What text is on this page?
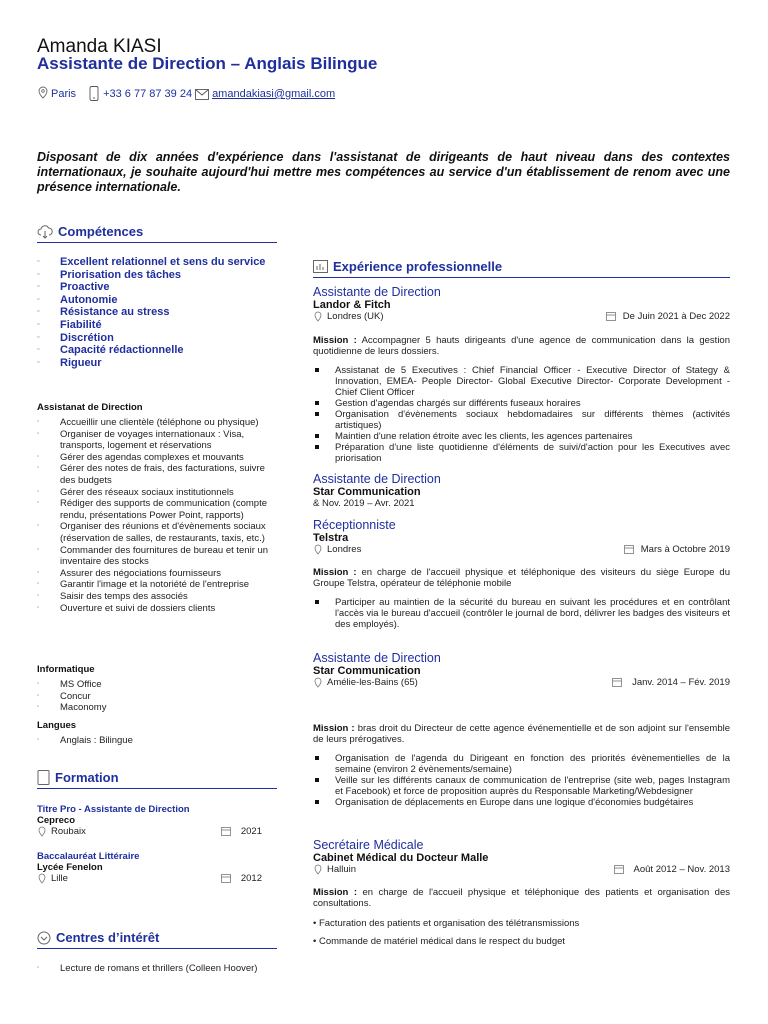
Amanda KIASI
Assistante de Direction – Anglais Bilingue
Paris +33 6 77 87 39 24 amandakiasi@gmail.com

Disposant de dix années d'expérience dans l'assistanat de dirigeants de haut niveau dans des contextes internationaux, je souhaite aujourd'hui mettre mes compétences au service d'un établissement de renom avec une présence internationale.

Compétences
▫ Excellent relationnel et sens du service
▫ Priorisation des tâches
▫ Proactive
▫ Autonomie
▫ Résistance au stress
▫ Fiabilité
▫ Discrétion
▫ Capacité rédactionnelle
▫ Rigueur
Assistanat de Direction
▫ Accueillir une clientèle (téléphone ou physique)
▫ Organiser de voyages internationaux : Visa, transports, logement et réservations
▫ Gérer des agendas complexes et mouvants
▫ Gérer des notes de frais, des facturations, suivre des budgets
▫ Gérer des réseaux sociaux institutionnels
▫ Rédiger des supports de communication (compte rendu, présentations Power Point, rapports)
▫ Organiser des réunions et d'évènements sociaux (réservation de salles, de restaurants, taxis, etc.)
▫ Commander des fournitures de bureau et tenir un inventaire des stocks
▫ Assurer des négociations fournisseurs
▫ Garantir l'image et la notoriété de l'entreprise
▫ Saisir des temps des associés
▫ Ouverture et suivi de dossiers clients
Informatique
▫ MS Office
▫ Concur
▫ Maconomy
Langues
▫ Anglais : Bilingue
Formation
Titre Pro - Assistante de Direction
Cepreco
Roubaix	2021
Baccalauréat Littéraire
Lycée Fenelon
Lille	2012
Centres d’intérêt
▫ Lecture de romans et thrillers (Colleen Hoover)
Expérience professionnelle
Assistante de Direction
Landor & Fitch
Londres (UK)	De Juin 2021 à Dec 2022

Mission : Accompagner 5 hauts dirigeants d'une agence de communication dans la gestion quotidienne de leurs dossiers.

Assistanat de 5 Executives : Chief Financial Officer - Executive Director of Stategy & Innovation, EMEA- People Director- Global Executive Director- Corporate Development - Chief Client Officer
Gestion d'agendas chargés sur différents fuseaux horaires
Organisation d'évènements sociaux hebdomadaires sur différents thèmes (activités artistiques)
Maintien d'une relation étroite avec les clients, les agences partenaires
Préparation d'une liste quotidienne d'éléments de suivi/d'action pour les Executives avec priorisation
Assistante de Direction
Star Communication
& Nov. 2019 – Avr. 2021
Réceptionniste
Telstra
Londres	Mars à Octobre 2019

Mission : en charge de l'accueil physique et téléphonique des visiteurs du siège Europe du Groupe Telstra, opérateur de téléphonie mobile

Participer au maintien de la sécurité du bureau en suivant les procédures et en contrôlant l'accès via le bureau d'accueil (contrôler le journal de bord, délivrer les badges des visiteurs et des employés).
Assistante de Direction
Star Communication
Amélie-les-Bains (65)	Janv. 2014 – Fév. 2019

Mission : bras droit du Directeur de cette agence événementielle et de son adjoint sur l'ensemble de leurs prérogatives.

Organisation de l'agenda du Dirigeant en fonction des priorités évènementielles de la semaine (environ 2 évènements/semaine)
Veille sur les différents canaux de communication de l'entreprise (site web, pages Instagram et Facebook) et force de proposition auprès du Responsable Marketing/Webdesigner
Organisation de déplacements en Europe dans une logique d'économies budgétaires
Secrétaire Médicale
Cabinet Médical du Docteur Malle
Halluin	Août 2012 – Nov. 2013

Mission : en charge de l'accueil physique et téléphonique des patients et organisation des consultations.

• Facturation des patients et organisation des télétransmissions

• Commande de matériel médical dans le respect du budget
